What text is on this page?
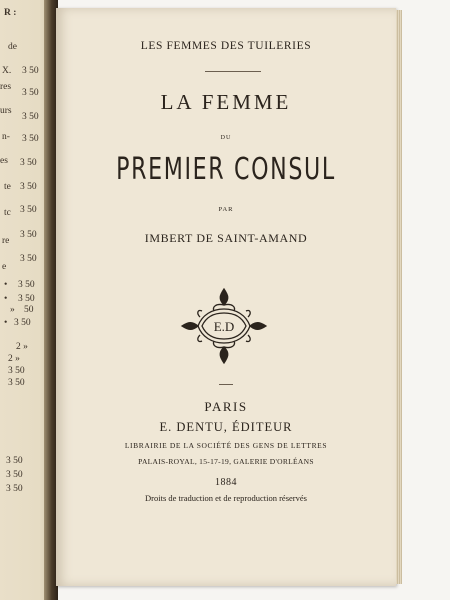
R :
de
X. 3 50
res
3 50
urs
3 50
n- 3 50
es 3 50
te 3 50
tc 3 50
re
3 50
e
3 50
• 3 50
• 3 50
» 50
• 3 50
2 »
2 »
3 50
3 50
3 50
3 50
3 50
LES FEMMES DES TUILERIES
LA FEMME
DU
PREMIER CONSUL
PAR
IMBERT DE SAINT-AMAND
E.D
PARIS
E. DENTU, ÉDITEUR
LIBRAIRIE DE LA SOCIÉTÉ DES GENS DE LETTRES
PALAIS-ROYAL, 15-17-19, GALERIE D'ORLÉANS
1884
Droits de traduction et de reproduction réservés
